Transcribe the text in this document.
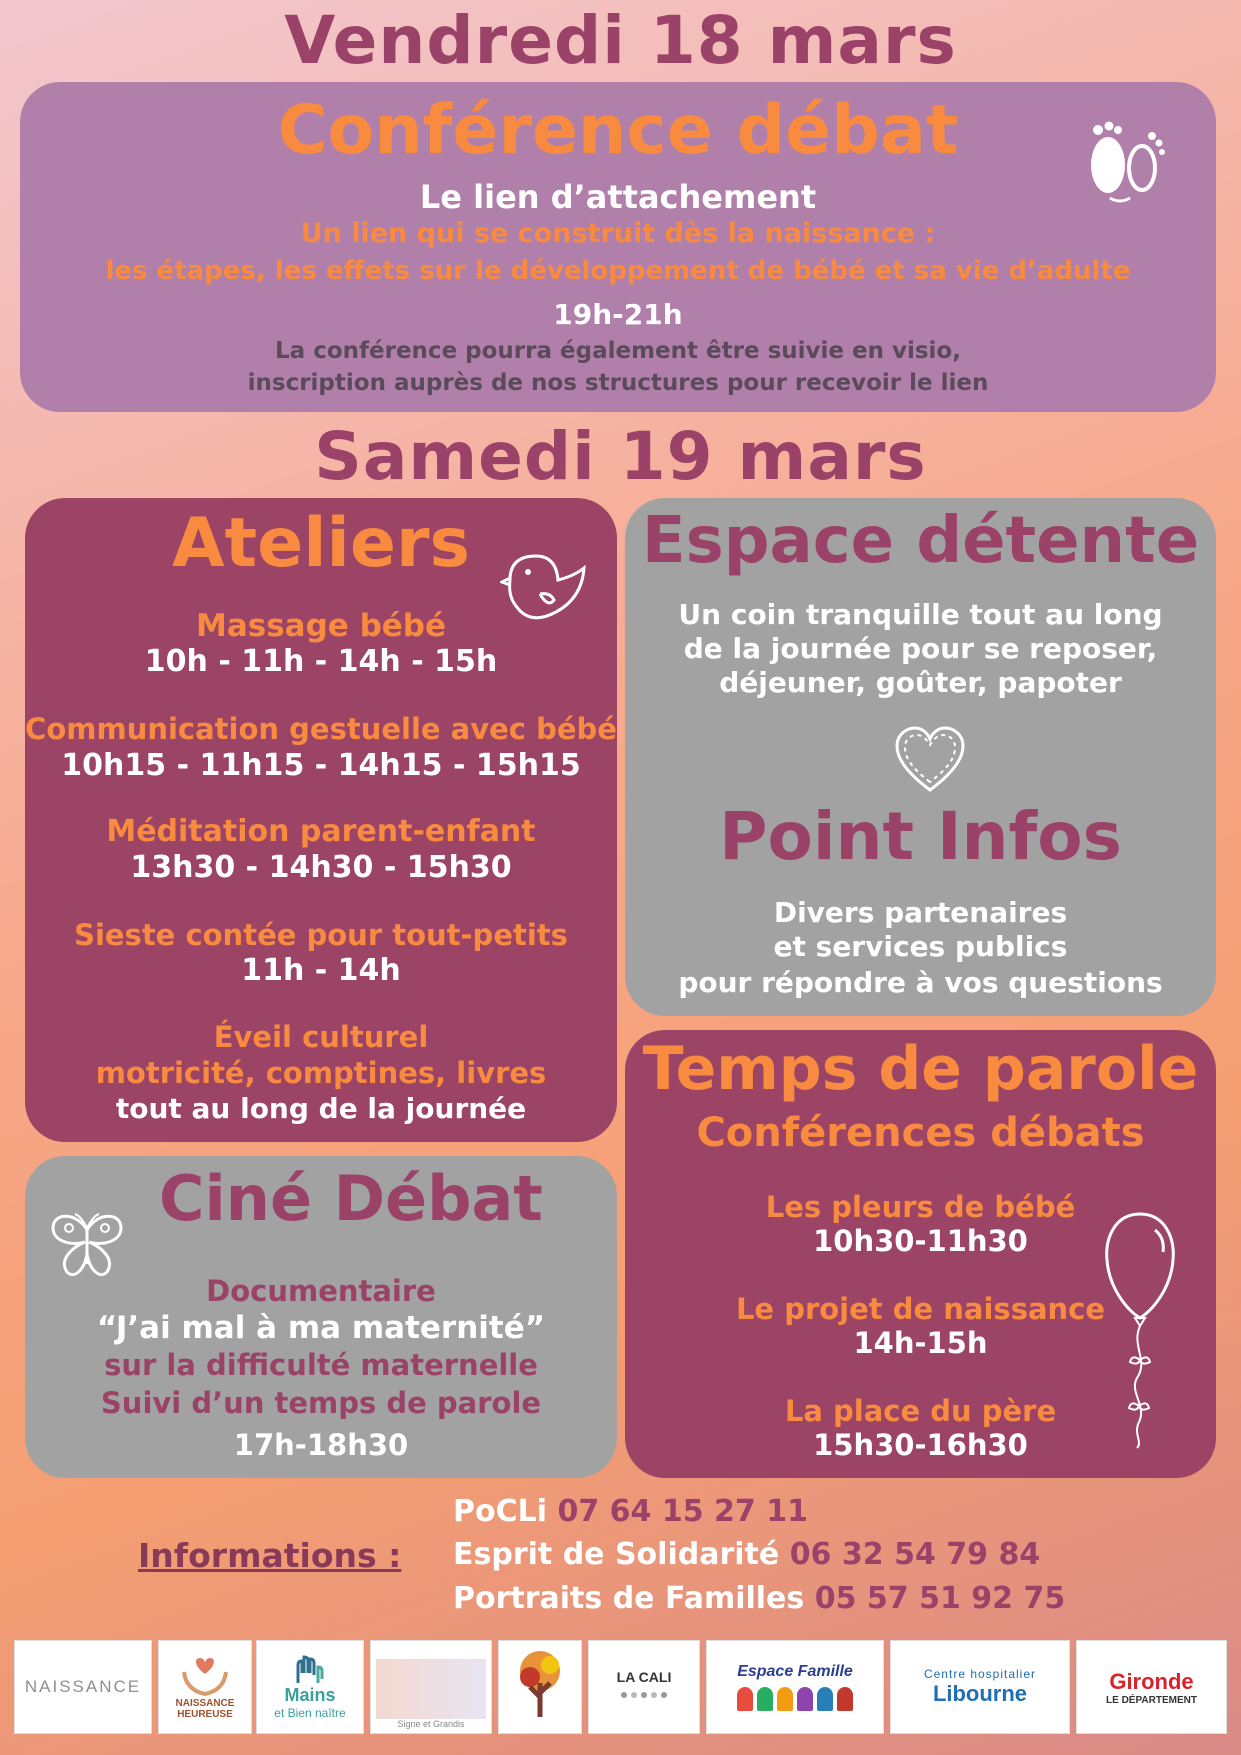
Vendredi 18 mars
Conférence débat
Le lien d’attachement
Un lien qui se construit dès la naissance :
les étapes, les effets sur le développement de bébé et sa vie d’adulte
19h-21h
La conférence pourra également être suivie en visio,
inscription auprès de nos structures pour recevoir le lien
Samedi 19 mars
Ateliers
Massage bébé
10h - 11h - 14h - 15h
Communication gestuelle avec bébé
10h15 - 11h15 - 14h15 - 15h15
Méditation parent-enfant
13h30 - 14h30 - 15h30
Sieste contée pour tout-petits
11h - 14h
Éveil culturel
motricité, comptines, livres
tout au long de la journée
Espace détente
Un coin tranquille tout au long
de la journée pour se reposer,
déjeuner, goûter, papoter
Point Infos
Divers partenaires
et services publics
pour répondre à vos questions
Ciné Débat
Documentaire
“J’ai mal à ma maternité”
sur la difficulté maternelle
Suivi d’un temps de parole
17h-18h30
Temps de parole
Conférences débats
Les pleurs de bébé
10h30-11h30
Le projet de naissance
14h-15h
La place du père
15h30-16h30
Informations :
PoCLi 07 64 15 27 11
Esprit de Solidarité 06 32 54 79 84
Portraits de Familles 05 57 51 92 75
NAISSANCE
NAISSANCE HEUREUSE
Mains
et Bien naître
Signe et Grandis
LA CALI	Espace Famille	Centre hospitalier
Libourne	Gironde
LE DÉPARTEMENT
